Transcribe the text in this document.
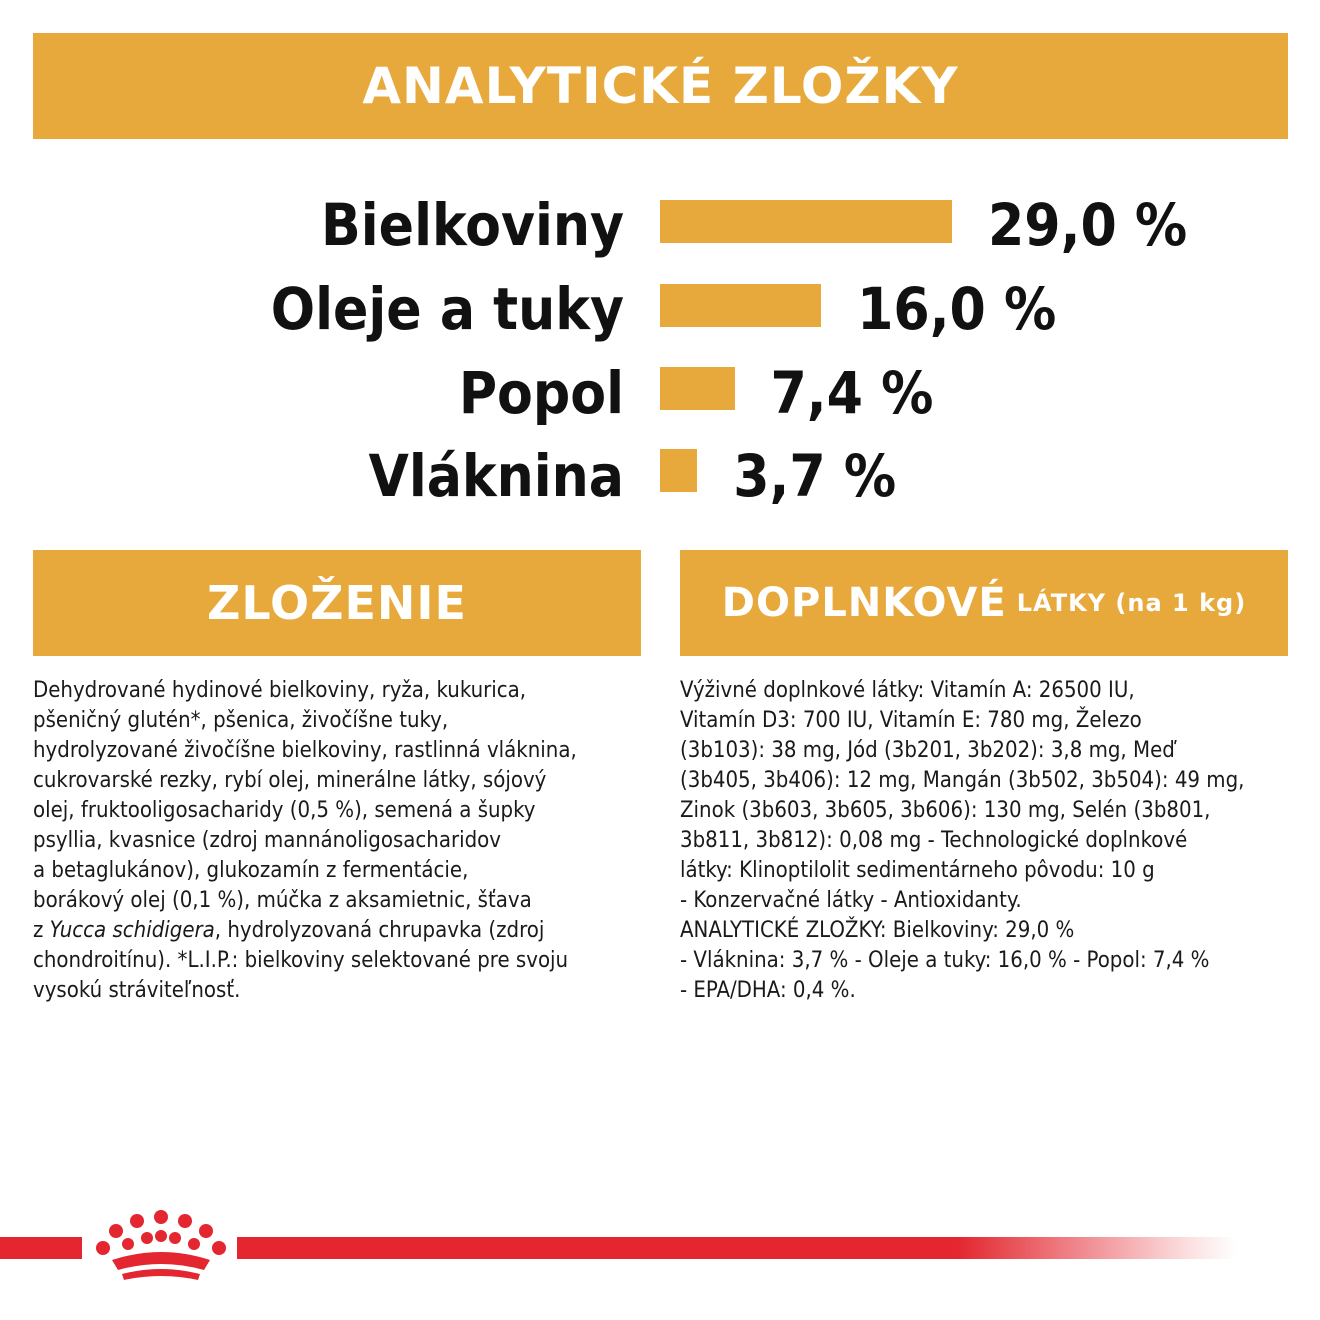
ANALYTICKÉ ZLOŽKY
Bielkoviny	29,0 %
Oleje a tuky	16,0 %
Popol	7,4 %
Vláknina 3,7 %
ZLOŽENIE	DOPLNKOVÉ LÁTKY (na 1 kg)
Dehydrované hydinové bielkoviny, ryža, kukurica,
pšeničný glutén*, pšenica, živočíšne tuky,
hydrolyzované živočíšne bielkoviny, rastlinná vláknina,
cukrovarské rezky, rybí olej, minerálne látky, sójový
olej, fruktooligosacharidy (0,5 %), semená a šupky
psyllia, kvasnice (zdroj mannánoligosacharidov
a betaglukánov), glukozamín z fermentácie,
borákový olej (0,1 %), múčka z aksamietnic, šťava
z Yucca schidigera, hydrolyzovaná chrupavka (zdroj
chondroitínu). *L.I.P.: bielkoviny selektované pre svoju
vysokú stráviteľnosť.
Výživné doplnkové látky: Vitamín A: 26500 IU,
Vitamín D3: 700 IU, Vitamín E: 780 mg, Železo
(3b103): 38 mg, Jód (3b201, 3b202): 3,8 mg, Meď
(3b405, 3b406): 12 mg, Mangán (3b502, 3b504): 49 mg,
Zinok (3b603, 3b605, 3b606): 130 mg, Selén (3b801,
3b811, 3b812): 0,08 mg - Technologické doplnkové
látky: Klinoptilolit sedimentárneho pôvodu: 10 g
- Konzervačné látky - Antioxidanty.
ANALYTICKÉ ZLOŽKY: Bielkoviny: 29,0 %
- Vláknina: 3,7 % - Oleje a tuky: 16,0 % - Popol: 7,4 %
- EPA/DHA: 0,4 %.
